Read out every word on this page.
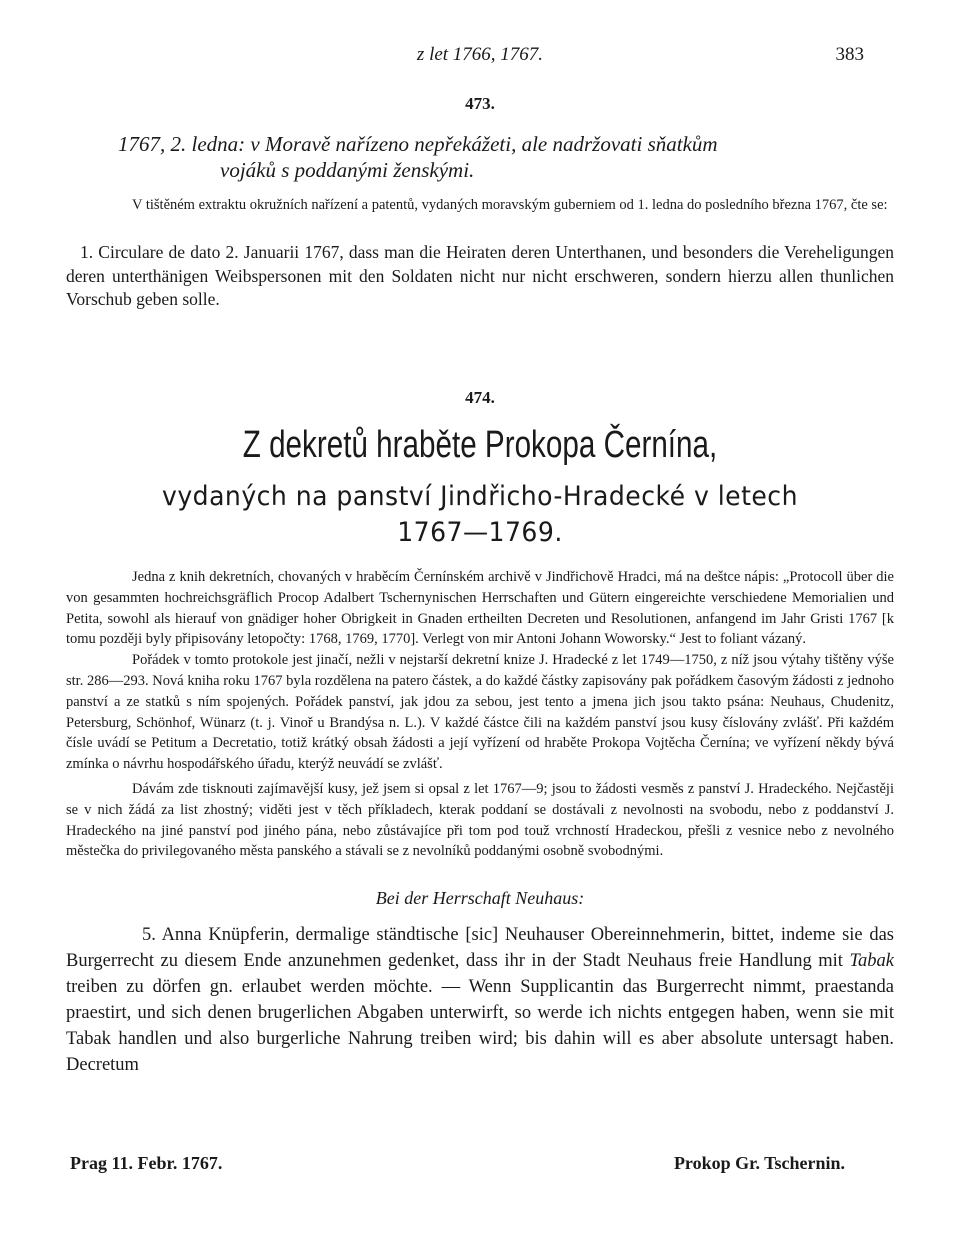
z let 1766, 1767.	383
473.
1767, 2. ledna: v Moravě nařízeno nepřekážeti, ale nadržovati sňatkům
vojáků s poddanými ženskými.

V tištěném extraktu okružních nařízení a patentů, vydaných moravským guberniem od 1. ledna do posledního března 1767, čte se:

1. Circulare de dato 2. Januarii 1767, dass man die Heiraten deren Unterthanen, und besonders die Vereheligungen deren unterthänigen Weibspersonen mit den Soldaten nicht nur nicht erschweren, sondern hierzu allen thunlichen Vorschub geben solle.

474.
Z dekretů hraběte Prokopa Černína,
vydaných na panství Jindřicho-Hradecké v letech
1767—1769.

Jedna z knih dekretních, chovaných v hraběcím Černínském archivě v Jindřichově Hradci, má na deštce nápis: „Protocoll über die von gesammten hochreichsgräflich Procop Adalbert Tschernynischen Herrschaften und Gütern eingereichte verschiedene Memorialien und Petita, sowohl als hierauf von gnädiger hoher Obrigkeit in Gnaden ertheilten Decreten und Resolutionen, anfangend im Jahr Gristi 1767 [k tomu později byly připisovány letopočty: 1768, 1769, 1770]. Verlegt von mir Antoni Johann Woworsky.“ Jest to foliant vázaný.

Pořádek v tomto protokole jest jinačí, nežli v nejstarší dekretní knize J. Hradecké z let 1749—1750, z níž jsou výtahy tištěny výše str. 286—293. Nová kniha roku 1767 byla rozdělena na patero částek, a do každé částky zapisovány pak pořádkem časovým žádosti z jednoho panství a ze statků s ním spojených. Pořádek panství, jak jdou za sebou, jest tento a jmena jich jsou takto psána: Neuhaus, Chudenitz, Petersburg, Schönhof, Wünarz (t. j. Vinoř u Brandýsa n. L.). V každé částce čili na každém panství jsou kusy číslovány zvlášť. Při každém čísle uvádí se Petitum a Decretatio, totiž krátký obsah žádosti a její vyřízení od hraběte Prokopa Vojtěcha Černína; ve vyřízení někdy bývá zmínka o návrhu hospodářského úřadu, kterýž neuvádí se zvlášť.

Dávám zde tisknouti zajímavější kusy, jež jsem si opsal z let 1767—9; jsou to žádosti vesměs z panství J. Hradeckého. Nejčastěji se v nich žádá za list zhostný; viděti jest v těch příkladech, kterak poddaní se dostávali z nevolnosti na svobodu, nebo z poddanství J. Hradeckého na jiné panství pod jiného pána, nebo zůstávajíce při tom pod touž vrchností Hradeckou, přešli z vesnice nebo z nevolného městečka do privilegovaného města panského a stávali se z nevolníků poddanými osobně svobodnými.

Bei der Herrschaft Neuhaus:

5. Anna Knüpferin, dermalige ständtische [sic] Neuhauser Obereinnehmerin, bittet, indeme sie das Burgerrecht zu diesem Ende anzunehmen gedenket, dass ihr in der Stadt Neuhaus freie Handlung mit Tabak treiben zu dörfen gn. erlaubet werden möchte. — Wenn Supplicantin das Burgerrecht nimmt, praestanda praestirt, und sich denen brugerlichen Abgaben unterwirft, so werde ich nichts entgegen haben, wenn sie mit Tabak handlen und also burgerliche Nahrung treiben wird; bis dahin will es aber absolute untersagt haben. Decretum

Prag 11. Febr. 1767.	Prokop Gr. Tschernin.
